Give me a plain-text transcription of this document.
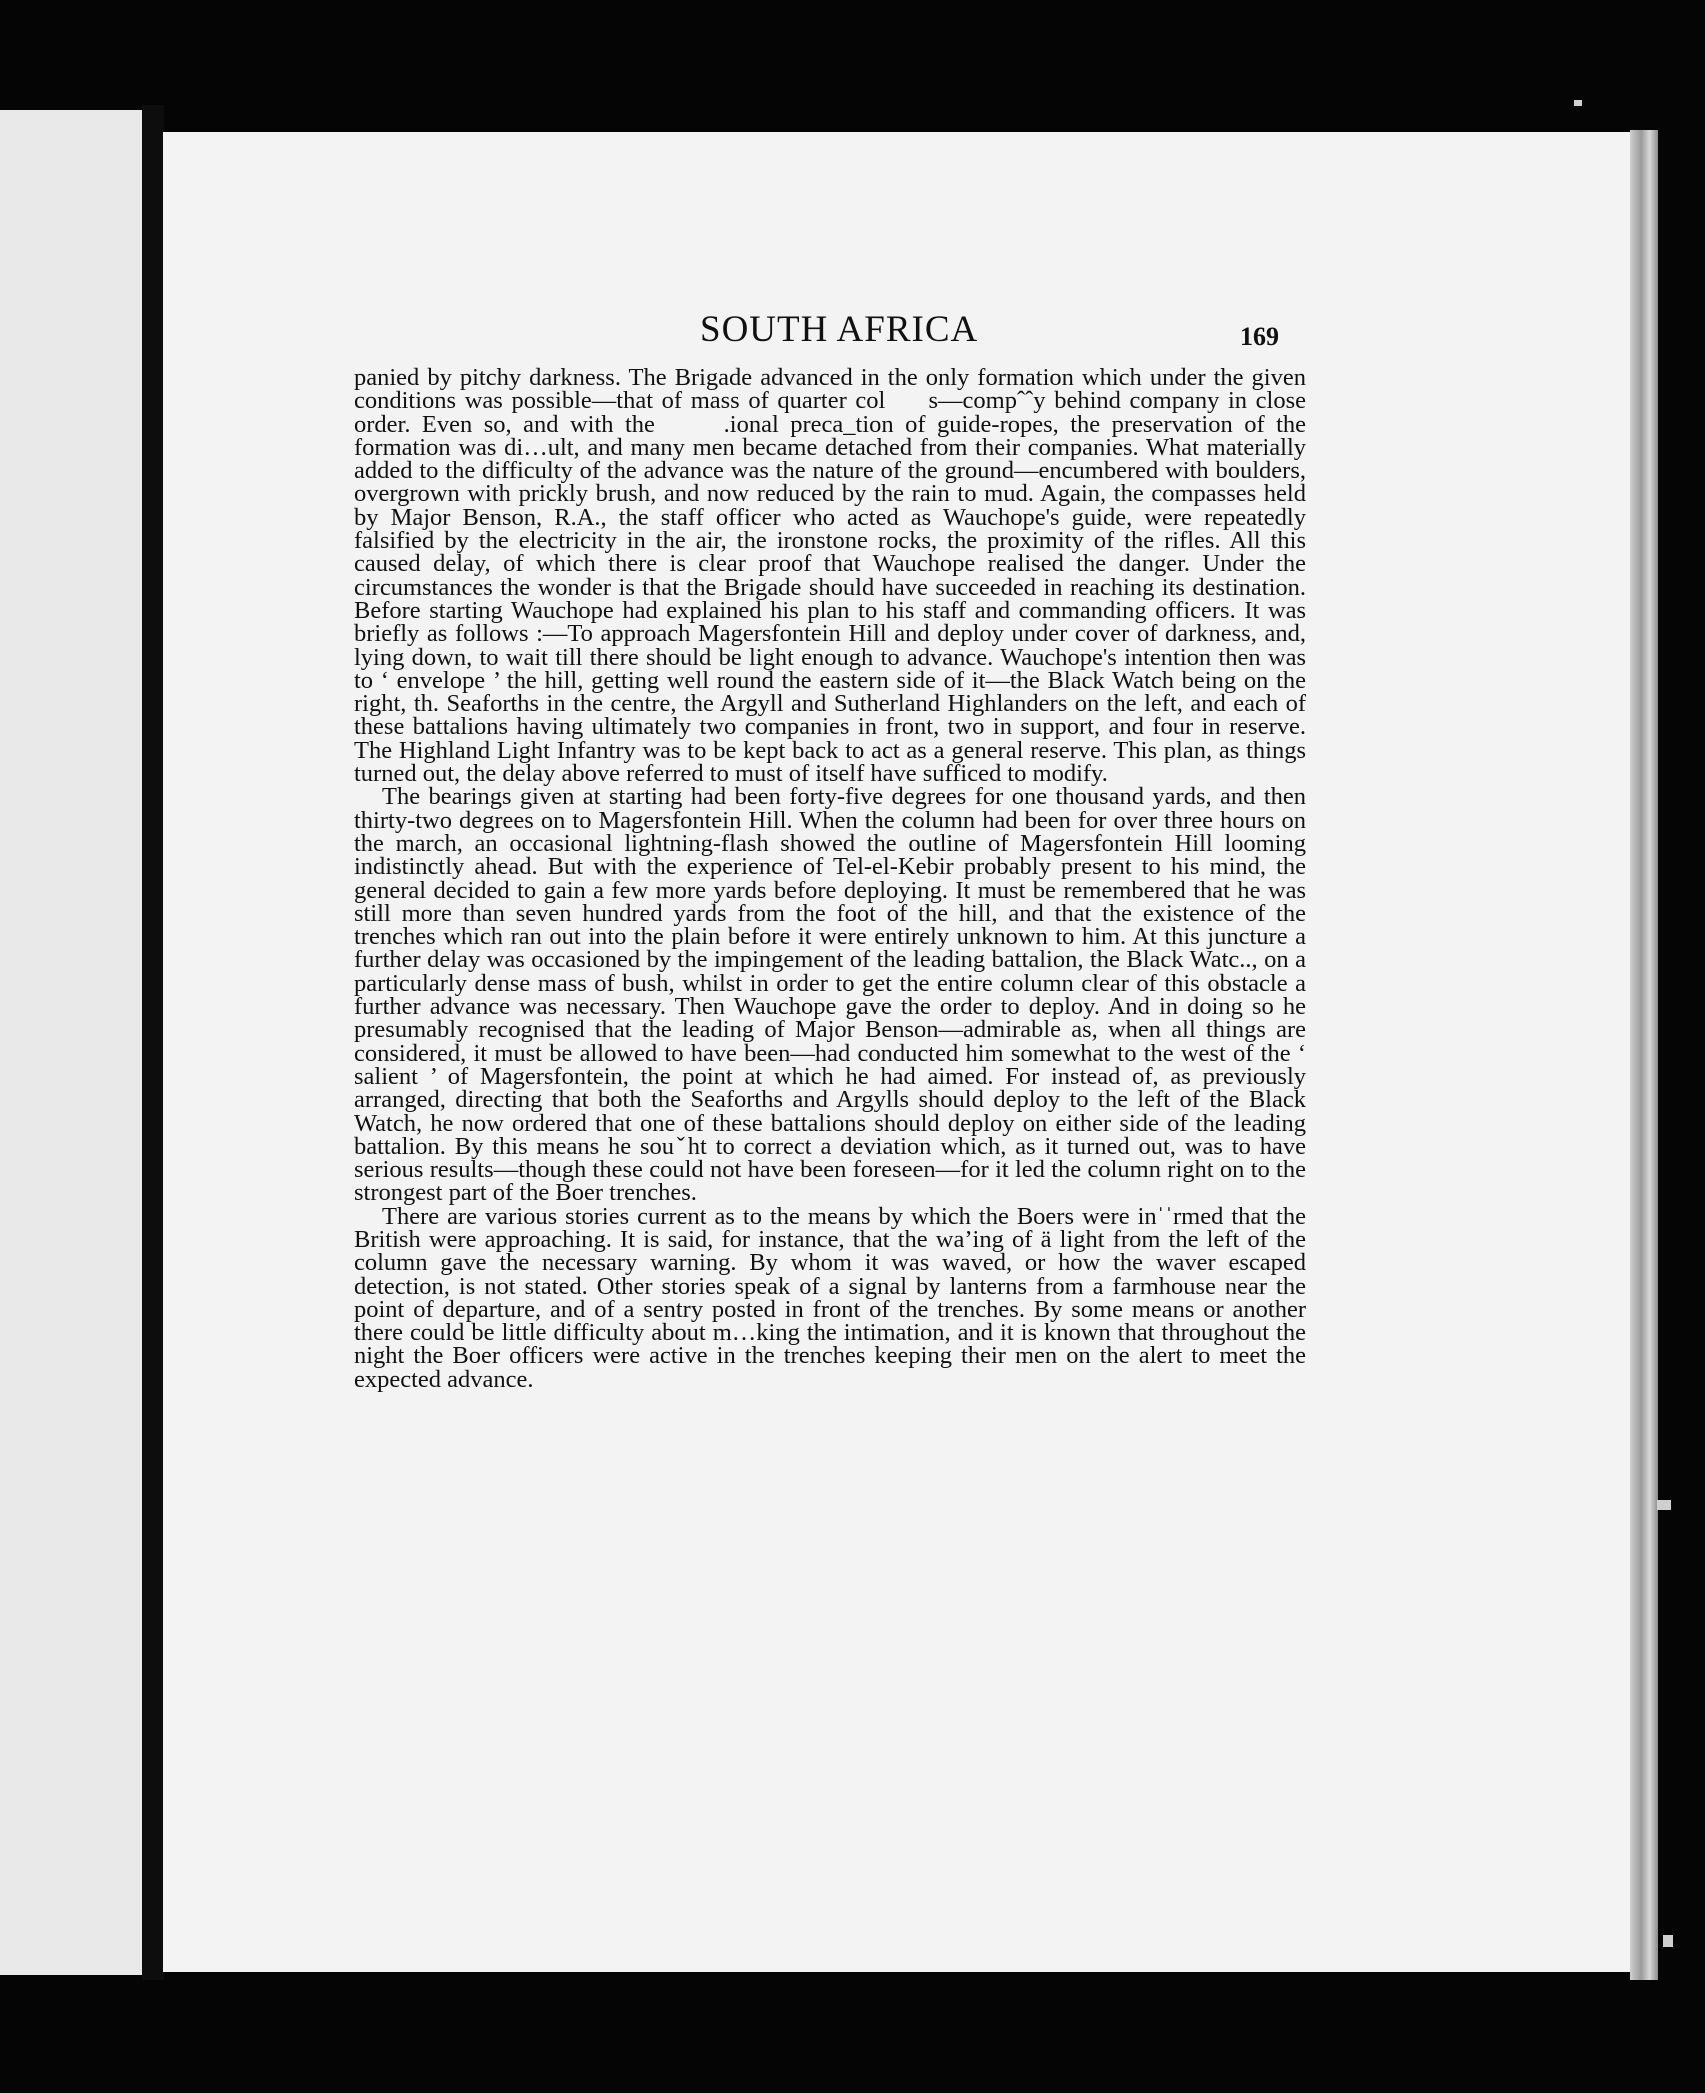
SOUTH AFRICA	169

panied by pitchy darkness. The Brigade advanced in the only formation which under the given conditions was possible—that of mass of quarter col     s—compˆˆy behind company in close order. Even so, and with the      .ional preca_tion of guide-ropes, the preservation of the formation was di…ult, and many men became detached from their companies. What materially added to the difficulty of the advance was the nature of the ground—encumbered with boulders, overgrown with prickly brush, and now reduced by the rain to mud. Again, the compasses held by Major Benson, R.A., the staff officer who acted as Wauchope's guide, were repeatedly falsified by the electricity in the air, the ironstone rocks, the proximity of the rifles. All this caused delay, of which there is clear proof that Wauchope realised the danger. Under the circumstances the wonder is that the Brigade should have succeeded in reaching its destination. Before starting Wauchope had explained his plan to his staff and commanding officers. It was briefly as follows :—To approach Magersfontein Hill and deploy under cover of darkness, and, lying down, to wait till there should be light enough to advance. Wauchope's intention then was to ‘ envelope ’ the hill, getting well round the eastern side of it—the Black Watch being on the right, th. Seaforths in the centre, the Argyll and Sutherland Highlanders on the left, and each of these battalions having ultimately two companies in front, two in support, and four in reserve. The Highland Light Infantry was to be kept back to act as a general reserve. This plan, as things turned out, the delay above referred to must of itself have sufficed to modify.

The bearings given at starting had been forty-five degrees for one thousand yards, and then thirty-two degrees on to Magersfontein Hill. When the column had been for over three hours on the march, an occasional lightning-flash showed the outline of Magersfontein Hill looming indistinctly ahead. But with the experience of Tel-el-Kebir probably present to his mind, the general decided to gain a few more yards before deploying. It must be remembered that he was still more than seven hundred yards from the foot of the hill, and that the existence of the trenches which ran out into the plain before it were entirely unknown to him. At this juncture a further delay was occasioned by the impingement of the leading battalion, the Black Watc.., on a particularly dense mass of bush, whilst in order to get the entire column clear of this obstacle a further advance was necessary. Then Wauchope gave the order to deploy. And in doing so he presumably recognised that the leading of Major Benson—admirable as, when all things are considered, it must be allowed to have been—had conducted him somewhat to the west of the ‘ salient ’ of Magersfontein, the point at which he had aimed. For instead of, as previously arranged, directing that both the Seaforths and Argylls should deploy to the left of the Black Watch, he now ordered that one of these battalions should deploy on either side of the leading battalion. By this means he souˇht to correct a deviation which, as it turned out, was to have serious results—though these could not have been foreseen—for it led the column right on to the strongest part of the Boer trenches.

There are various stories current as to the means by which the Boers were inˈˈrmed that the British were approaching. It is said, for instance, that the wa’ing of ä light from the left of the column gave the necessary warning. By whom it was waved, or how the waver escaped detection, is not stated. Other stories speak of a signal by lanterns from a farmhouse near the point of departure, and of a sentry posted in front of the trenches. By some means or another there could be little difficulty about m…king the intimation, and it is known that throughout the night the Boer officers were active in the trenches keeping their men on the alert to meet the expected advance.
